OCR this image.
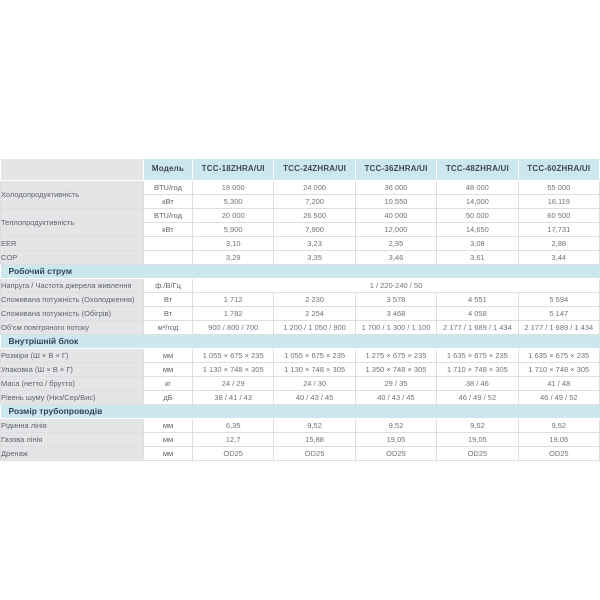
	Модель	TCC-18ZHRA/UI	TCC-24ZHRA/UI	TCC-36ZHRA/UI	TCC-48ZHRA/UI	TCC-60ZHRA/UI
Холодопродуктивність	BTU/год	18 000	24 000	36 000	48 000	55 000
	кВт	5,300	7,200	10,550	14,000	16,119
Теплопродуктивність	BTU/год	20 000	26 500	40 000	50 000	60 500
	кВт	5,900	7,900	12,000	14,650	17,731
EER		3,10	3,23	2,95	3,08	2,88
COP		3,29	3,35	3,46	3,61	3,44
Робочий струм						
Напруга / Частота джерела живлення	ф./В/Гц	1 / 220-240 / 50				
Споживана потужність (Охолодження)	Вт	1 712	2 230	3 578	4 551	5 594
Споживана потужність (Обігрів)	Вт	1 782	2 254	3 468	4 058	5 147
Об’єм повітряного потоку	м³/год	900 / 800 / 700	1 200 / 1 050 / 900	1 700 / 1 300 / 1 100	2 177 / 1 689 / 1 434	2 177 / 1 689 / 1 434
Внутрішній блок						
Розміри (Ш × В × Г)	мм	1 055 × 675 × 235	1 055 × 675 × 235	1 275 × 675 × 235	1 635 × 675 × 235	1 635 × 675 × 235
Упаковка (Ш × В × Г)	мм	1 130 × 748 × 305	1 130 × 748 × 305	1 350 × 748 × 305	1 710 × 748 × 305	1 710 × 748 × 305
Маса (нетто / брутто)	кг	24 / 29	24 / 30	29 / 35	38 / 46	41 / 48
Рівень шуму (Низ/Сер/Вис)	дБ	38 / 41 / 43	40 / 43 / 45	40 / 43 / 45	46 / 49 / 52	46 / 49 / 52
Розмір трубопроводів						
Рідинна лінія	мм	6,35	9,52	9,52	9,52	9,52
Газова лінія	мм	12,7	15,88	19,05	19,05	19,05
Дренаж	мм	OD25	OD25	OD25	OD25	OD25
